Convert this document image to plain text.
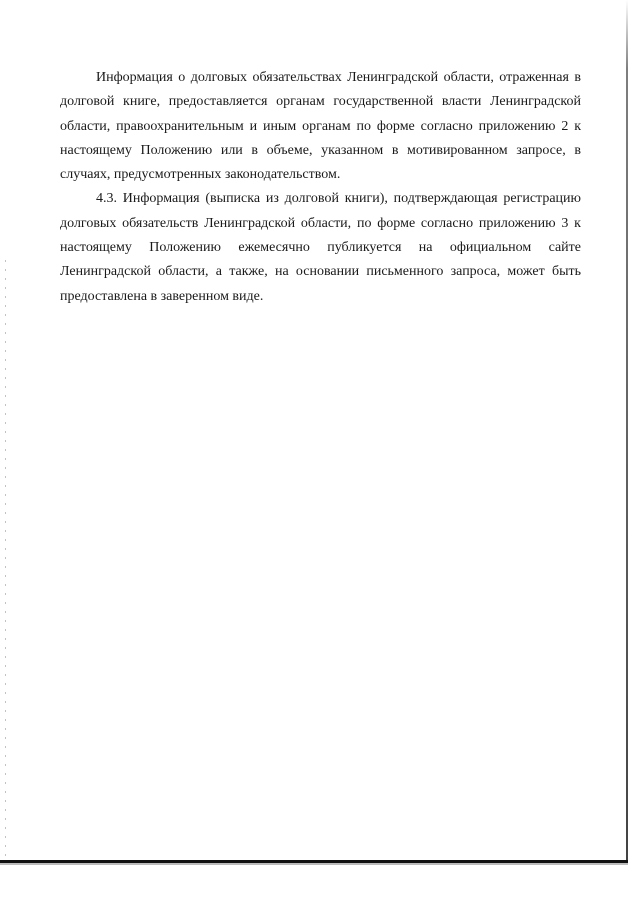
Информация о долговых обязательствах Ленинградской области, отраженная в долговой книге, предоставляется органам государственной власти Ленинградской области, правоохранительным и иным органам по форме согласно приложению 2 к настоящему Положению или в объеме, указанном в мотивированном запросе, в случаях, предусмотренных законодательством.

4.3. Информация (выписка из долговой книги), подтверждающая регистрацию долговых обязательств Ленинградской области, по форме согласно приложению 3 к настоящему Положению ежемесячно публикуется на официальном сайте Ленинградской области, а также, на основании письменного запроса, может быть предоставлена в заверенном виде.
